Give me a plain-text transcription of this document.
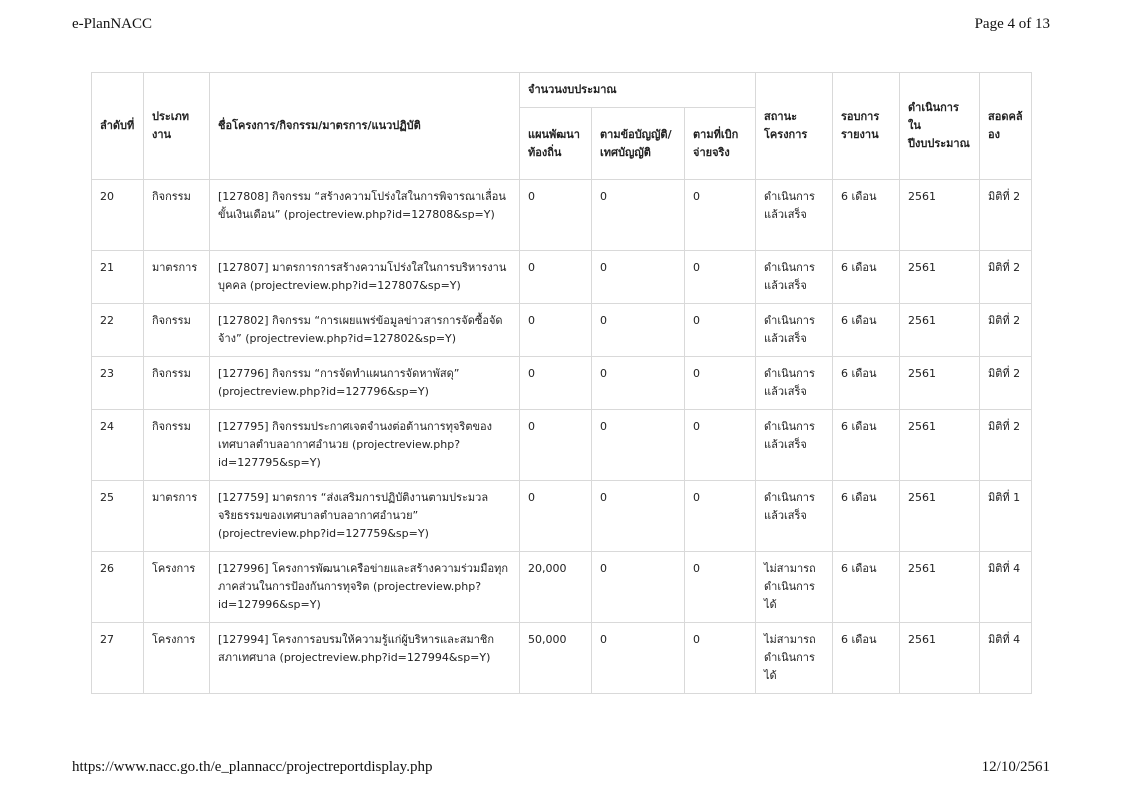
e-PlanNACC	Page 4 of 13
ลำดับที่	ประเภทงาน	ชื่อโครงการ/กิจกรรม/มาตรการ/แนวปฏิบัติ	จำนวนงบประมาณ			สถานะโครงการ	รอบการรายงาน	ดำเนินการในปีงบประมาณ	สอดคล้อง
			แผนพัฒนาท้องถิ่น	ตามข้อบัญญัติ/เทศบัญญัติ	ตามที่เบิกจ่ายจริง				
20	กิจกรรม	[127808] กิจกรรม “สร้างความโปร่งใสในการพิจารณาเลื่อนขั้นเงินเดือน” (projectreview.php?id=127808&sp=Y)	0	0	0	ดำเนินการแล้วเสร็จ	6 เดือน	2561	มิติที่ 2
21	มาตรการ	[127807] มาตรการการสร้างความโปร่งใสในการบริหารงานบุคคล (projectreview.php?id=127807&sp=Y)	0	0	0	ดำเนินการแล้วเสร็จ	6 เดือน	2561	มิติที่ 2
22	กิจกรรม	[127802] กิจกรรม “การเผยแพร่ข้อมูลข่าวสารการจัดซื้อจัดจ้าง” (projectreview.php?id=127802&sp=Y)	0	0	0	ดำเนินการแล้วเสร็จ	6 เดือน	2561	มิติที่ 2
23	กิจกรรม	[127796] กิจกรรม “การจัดทำแผนการจัดหาพัสดุ” (projectreview.php?id=127796&sp=Y)	0	0	0	ดำเนินการแล้วเสร็จ	6 เดือน	2561	มิติที่ 2
24	กิจกรรม	[127795] กิจกรรมประกาศเจตจำนงต่อต้านการทุจริตของเทศบาลตำบลอากาศอำนวย (projectreview.php?id=127795&sp=Y)	0	0	0	ดำเนินการแล้วเสร็จ	6 เดือน	2561	มิติที่ 2
25	มาตรการ	[127759] มาตรการ “ส่งเสริมการปฏิบัติงานตามประมวลจริยธรรมของเทศบาลตำบลอากาศอำนวย” (projectreview.php?id=127759&sp=Y)	0	0	0	ดำเนินการแล้วเสร็จ	6 เดือน	2561	มิติที่ 1
26	โครงการ	[127996] โครงการพัฒนาเครือข่ายและสร้างความร่วมมือทุกภาคส่วนในการป้องกันการทุจริต (projectreview.php?id=127996&sp=Y)	20,000	0	0	ไม่สามารถดำเนินการได้	6 เดือน	2561	มิติที่ 4
27	โครงการ	[127994] โครงการอบรมให้ความรู้แก่ผู้บริหารและสมาชิกสภาเทศบาล (projectreview.php?id=127994&sp=Y)	50,000	0	0	ไม่สามารถดำเนินการได้	6 เดือน	2561	มิติที่ 4
https://www.nacc.go.th/e_plannacc/projectreportdisplay.php	12/10/2561
